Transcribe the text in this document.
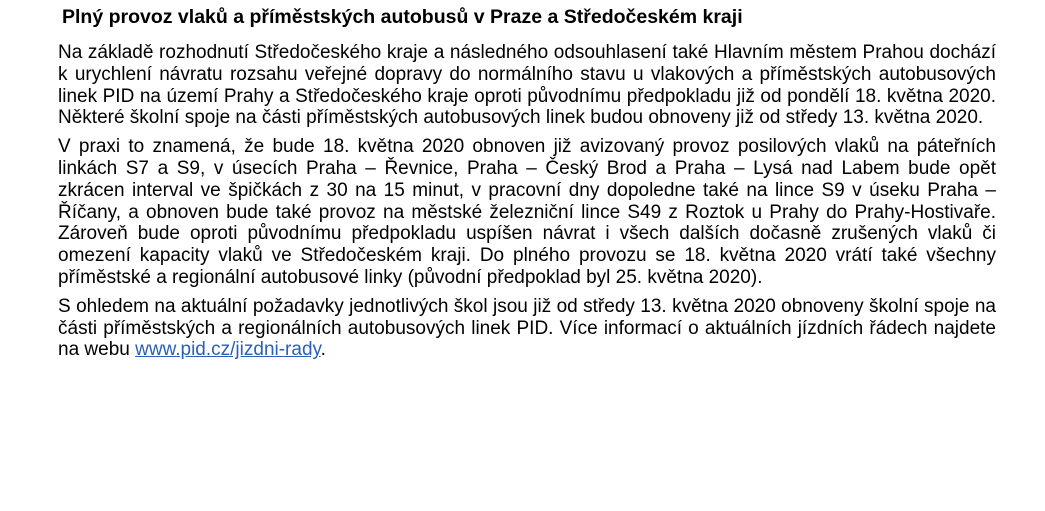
Plný provoz vlaků a příměstských autobusů v Praze a Středočeském kraji

Na základě rozhodnutí Středočeského kraje a následného odsouhlasení také Hlavním městem Prahou dochází k urychlení návratu rozsahu veřejné dopravy do normálního stavu u vlakových a příměstských autobusových linek PID na území Prahy a Středočeského kraje oproti původnímu předpokladu již od pondělí 18. května 2020. Některé školní spoje na části příměstských autobusových linek budou obnoveny již od středy 13. května 2020.

V praxi to znamená, že bude 18. května 2020 obnoven již avizovaný provoz posilových vlaků na páteřních linkách S7 a S9, v úsecích Praha – Řevnice, Praha – Český Brod a Praha – Lysá nad Labem bude opět zkrácen interval ve špičkách z 30 na 15 minut, v pracovní dny dopoledne také na lince S9 v úseku Praha – Říčany, a obnoven bude také provoz na městské železniční lince S49 z Roztok u Prahy do Prahy-Hostivaře. Zároveň bude oproti původnímu předpokladu uspíšen návrat i všech dalších dočasně zrušených vlaků či omezení kapacity vlaků ve Středočeském kraji. Do plného provozu se 18. května 2020 vrátí také všechny příměstské a regionální autobusové linky (původní předpoklad byl 25. května 2020).

S ohledem na aktuální požadavky jednotlivých škol jsou již od středy 13. května 2020 obnoveny školní spoje na části příměstských a regionálních autobusových linek PID. Více informací o aktuálních jízdních řádech najdete na webu www.pid.cz/jizdni-rady.
